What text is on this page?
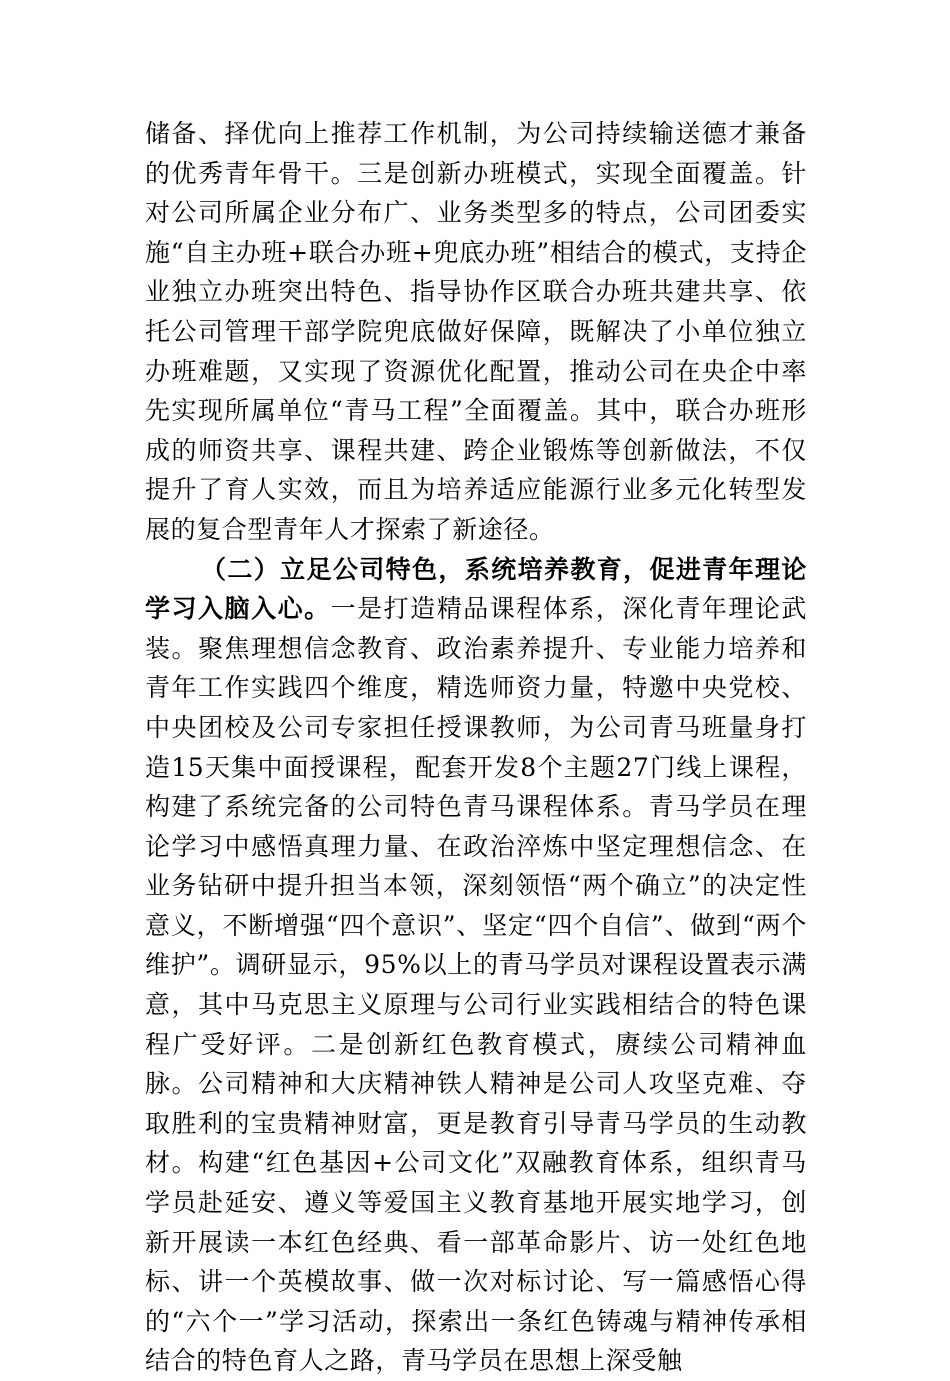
储备、择优向上推荐工作机制，为公司持续输送德才兼备的优秀青年骨干。三是创新办班模式，实现全面覆盖。针对公司所属企业分布广、业务类型多的特点，公司团委实施“自主办班+联合办班+兜底办班”相结合的模式，支持企业独立办班突出特色、指导协作区联合办班共建共享、依托公司管理干部学院兜底做好保障，既解决了小单位独立办班难题，又实现了资源优化配置，推动公司在央企中率先实现所属单位“青马工程”全面覆盖。其中，联合办班形成的师资共享、课程共建、跨企业锻炼等创新做法，不仅提升了育人实效，而且为培养适应能源行业多元化转型发展的复合型青年人才探索了新途径。

（二）立足公司特色，系统培养教育，促进青年理论学习入脑入心。一是打造精品课程体系，深化青年理论武装。聚焦理想信念教育、政治素养提升、专业能力培养和青年工作实践四个维度，精选师资力量，特邀中央党校、中央团校及公司专家担任授课教师，为公司青马班量身打造15天集中面授课程，配套开发8个主题27门线上课程，构建了系统完备的公司特色青马课程体系。青马学员在理论学习中感悟真理力量、在政治淬炼中坚定理想信念、在业务钻研中提升担当本领，深刻领悟“两个确立”的决定性意义，不断增强“四个意识”、坚定“四个自信”、做到“两个维护”。调研显示，95%以上的青马学员对课程设置表示满意，其中马克思主义原理与公司行业实践相结合的特色课程广受好评。二是创新红色教育模式，赓续公司精神血脉。公司精神和大庆精神铁人精神是公司人攻坚克难、夺取胜利的宝贵精神财富，更是教育引导青马学员的生动教材。构建“红色基因+公司文化”双融教育体系，组织青马学员赴延安、遵义等爱国主义教育基地开展实地学习，创新开展读一本红色经典、看一部革命影片、访一处红色地标、讲一个英模故事、做一次对标讨论、写一篇感悟心得的“六个一”学习活动，探索出一条红色铸魂与精神传承相结合的特色育人之路，青马学员在思想上深受触
